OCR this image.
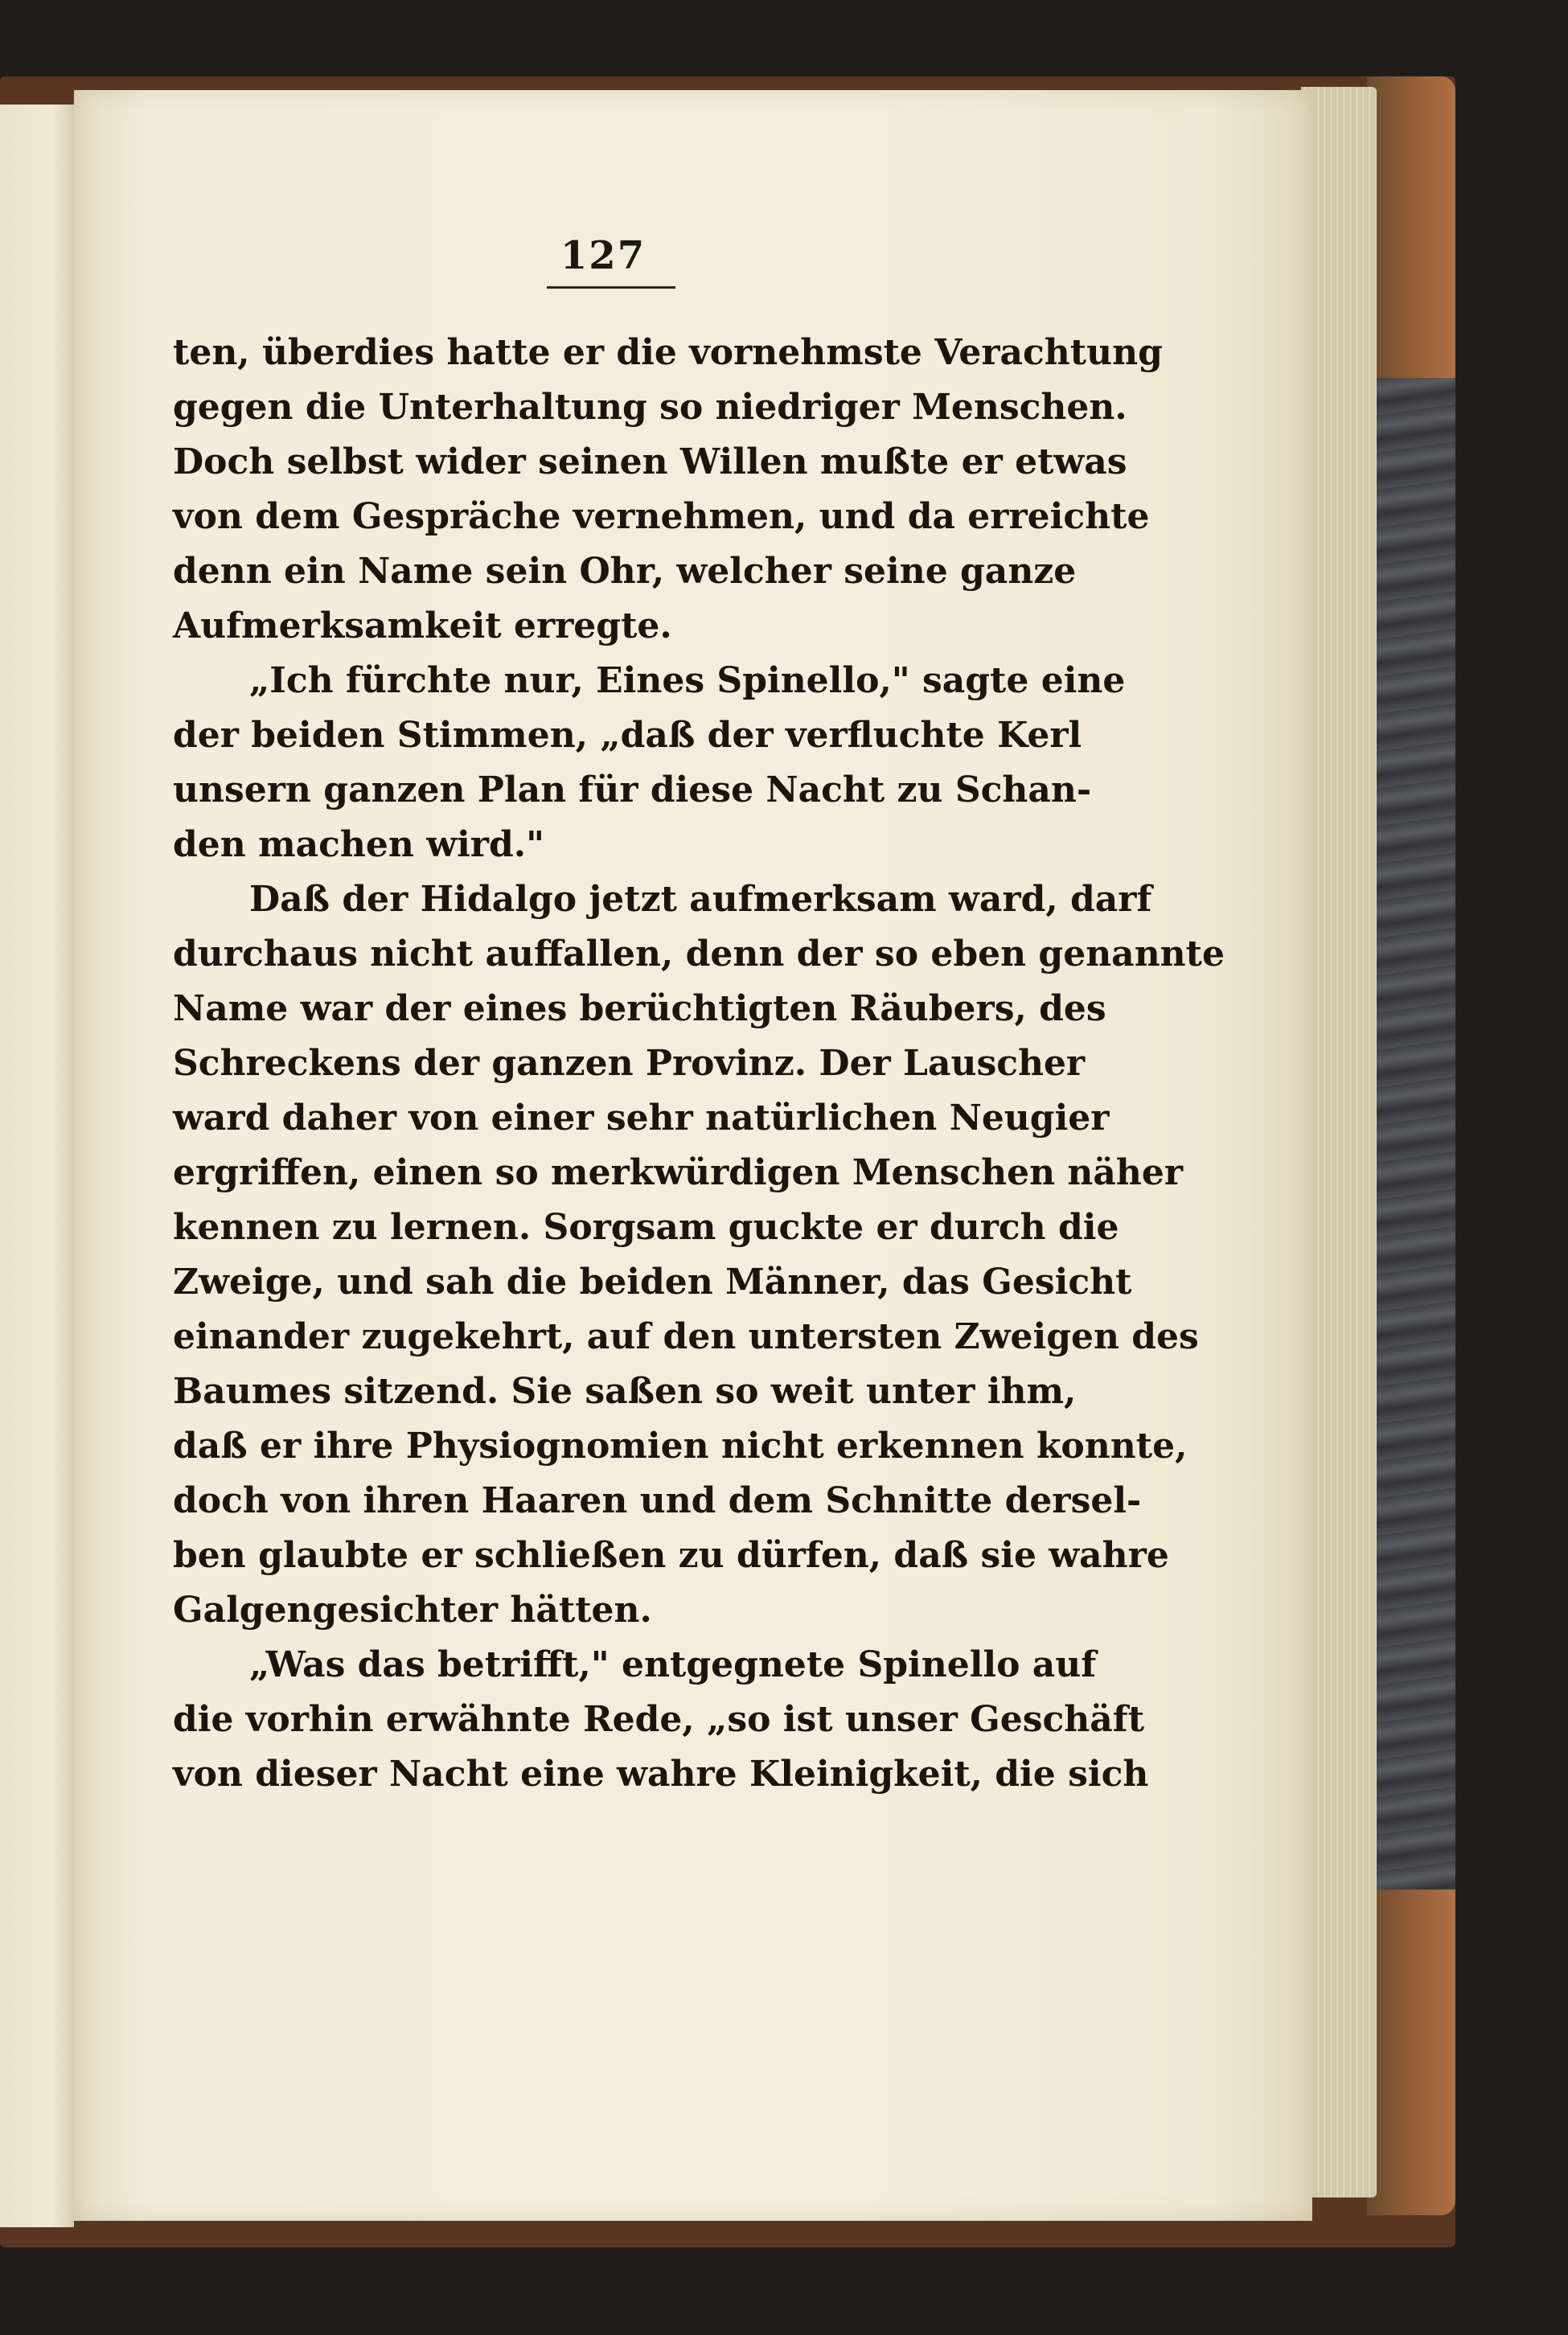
127
ten, überdies hatte er die vornehmste Verachtung
gegen die Unterhaltung so niedriger Menschen.
Doch selbst wider seinen Willen mußte er etwas
von dem Gespräche vernehmen, und da erreichte
denn ein Name sein Ohr, welcher seine ganze
Aufmerksamkeit erregte.
„Ich fürchte nur, Eines Spinello," sagte eine
der beiden Stimmen, „daß der verfluchte Kerl
unsern ganzen Plan für diese Nacht zu Schan-
den machen wird."
Daß der Hidalgo jetzt aufmerksam ward, darf
durchaus nicht auffallen, denn der so eben genannte
Name war der eines berüchtigten Räubers, des
Schreckens der ganzen Provinz. Der Lauscher
ward daher von einer sehr natürlichen Neugier
ergriffen, einen so merkwürdigen Menschen näher
kennen zu lernen. Sorgsam guckte er durch die
Zweige, und sah die beiden Männer, das Gesicht
einander zugekehrt, auf den untersten Zweigen des
Baumes sitzend. Sie saßen so weit unter ihm,
daß er ihre Physiognomien nicht erkennen konnte,
doch von ihren Haaren und dem Schnitte dersel-
ben glaubte er schließen zu dürfen, daß sie wahre
Galgengesichter hätten.
„Was das betrifft," entgegnete Spinello auf
die vorhin erwähnte Rede, „so ist unser Geschäft
von dieser Nacht eine wahre Kleinigkeit, die sich
